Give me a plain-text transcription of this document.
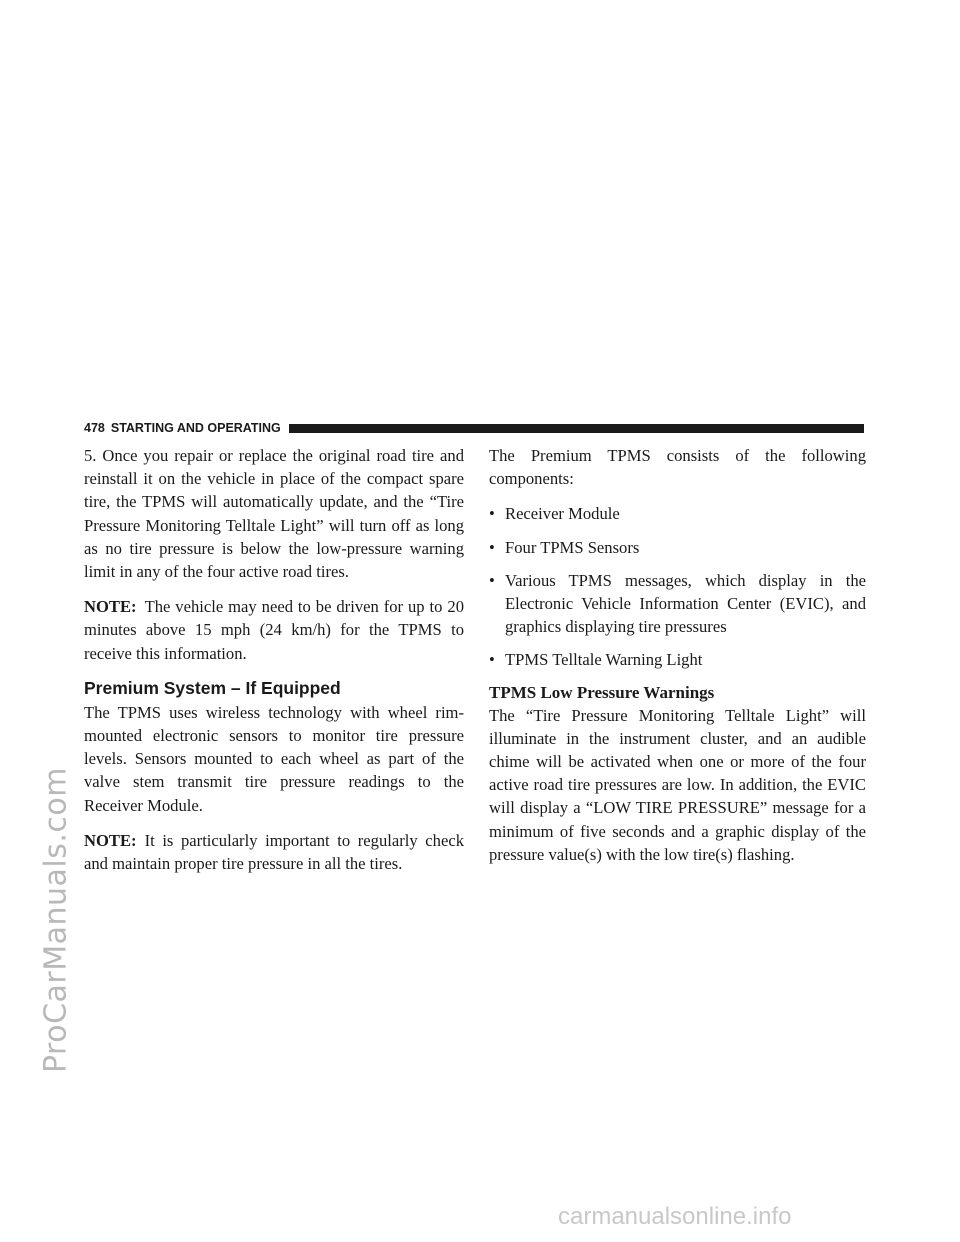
ProCarManuals.com
478 STARTING AND OPERATING

5. Once you repair or replace the original road tire and reinstall it on the vehicle in place of the compact spare tire, the TPMS will automatically update, and the “Tire Pressure Monitoring Telltale Light” will turn off as long as no tire pressure is below the low-pressure warning limit in any of the four active road tires.

NOTE: The vehicle may need to be driven for up to 20 minutes above 15 mph (24 km/h) for the TPMS to receive this information.

Premium System – If Equipped

The TPMS uses wireless technology with wheel rim-mounted electronic sensors to monitor tire pressure levels. Sensors mounted to each wheel as part of the valve stem transmit tire pressure readings to the Receiver Module.

NOTE: It is particularly important to regularly check and maintain proper tire pressure in all the tires.

The Premium TPMS consists of the following components:

• Receiver Module
• Four TPMS Sensors
• Various TPMS messages, which display in the Electronic Vehicle Information Center (EVIC), and graphics displaying tire pressures
• TPMS Telltale Warning Light
TPMS Low Pressure Warnings

The “Tire Pressure Monitoring Telltale Light” will illuminate in the instrument cluster, and an audible chime will be activated when one or more of the four active road tire pressures are low. In addition, the EVIC will display a “LOW TIRE PRESSURE” message for a minimum of five seconds and a graphic display of the pressure value(s) with the low tire(s) flashing.

carmanualsonline.info
